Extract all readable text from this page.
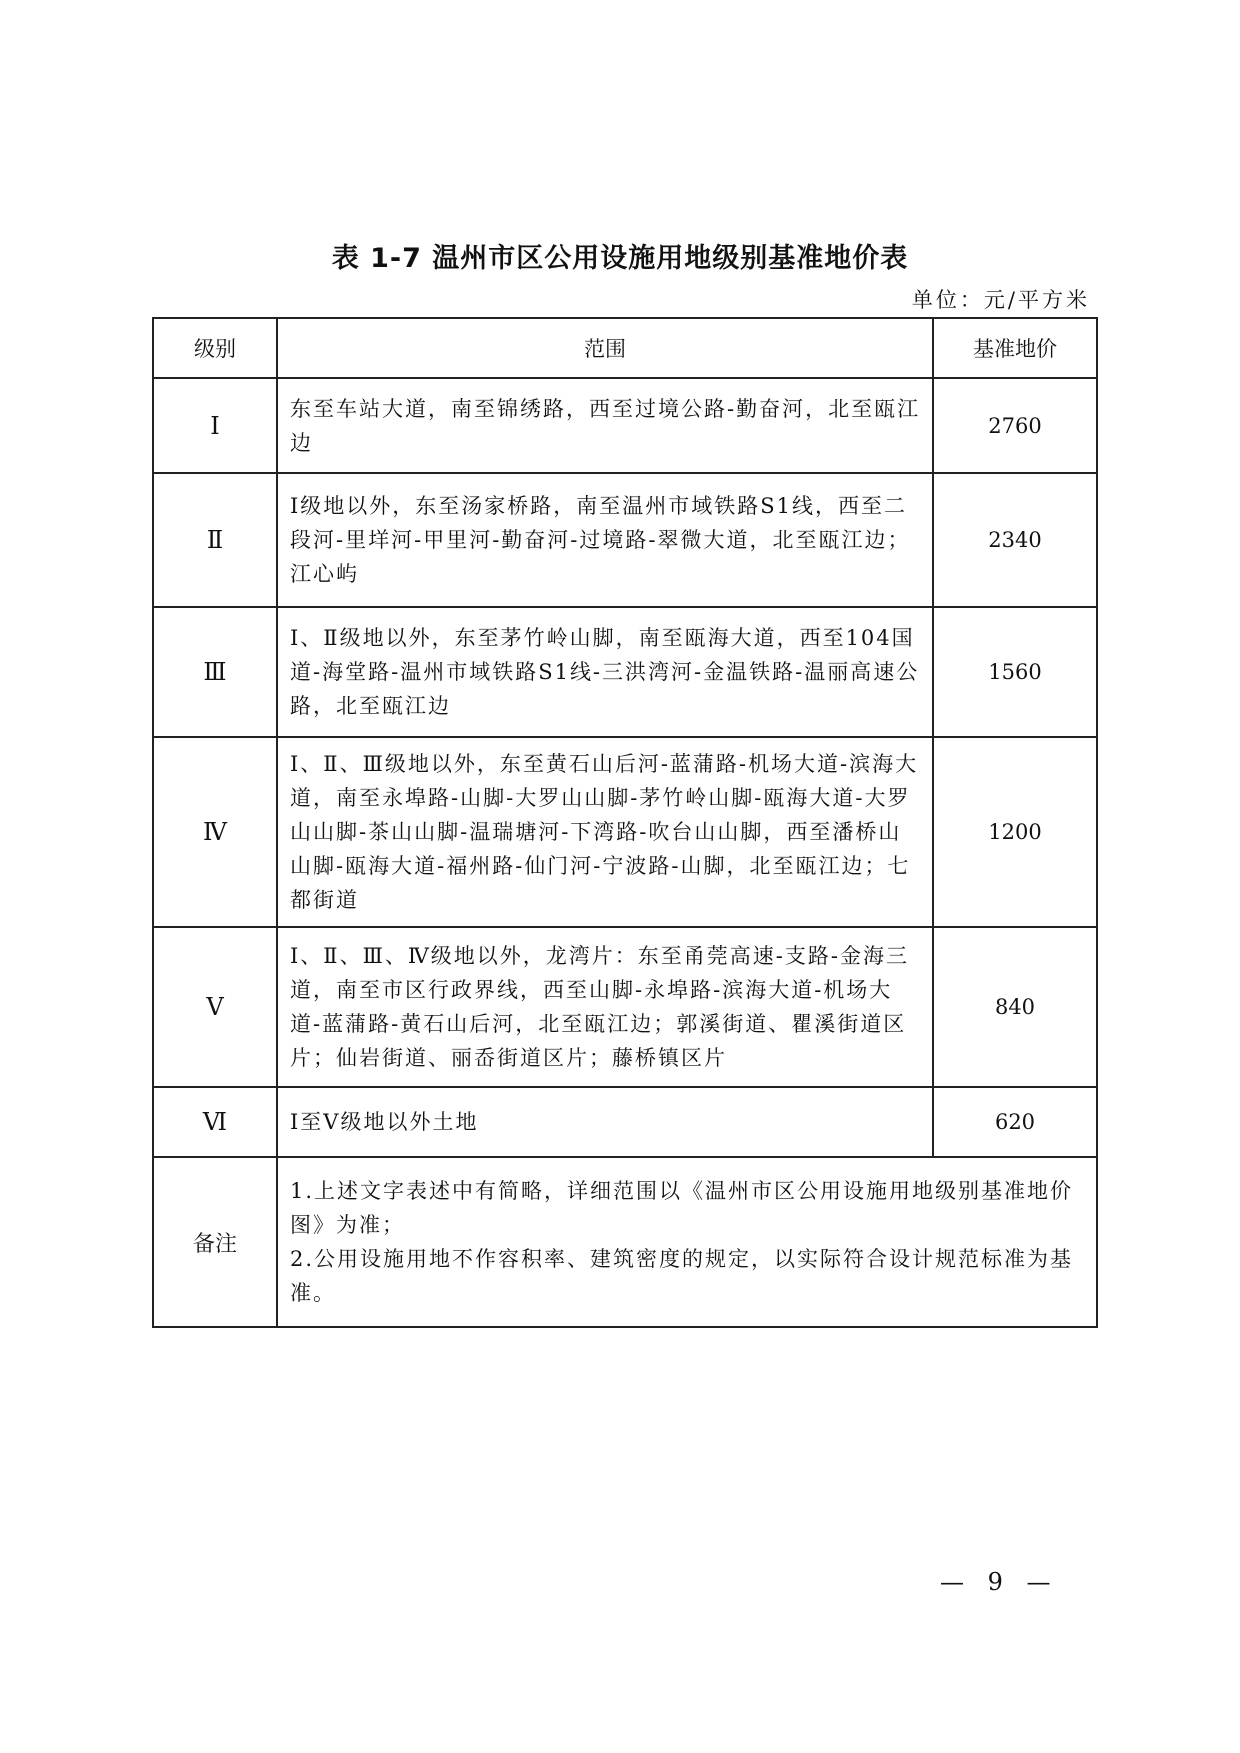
表 1-7 温州市区公用设施用地级别基准地价表
单位：元/平方米
级别	范围	基准地价
Ⅰ	东至车站大道，南至锦绣路，西至过境公路-勤奋河，北至瓯江边	2760
Ⅱ	Ⅰ级地以外，东至汤家桥路，南至温州市域铁路S1线，西至二段河-里垟河-甲里河-勤奋河-过境路-翠微大道，北至瓯江边；江心屿	2340
Ⅲ	Ⅰ、Ⅱ级地以外，东至茅竹岭山脚，南至瓯海大道，西至104国道-海堂路-温州市域铁路S1线-三洪湾河-金温铁路-温丽高速公路，北至瓯江边	1560
Ⅳ	Ⅰ、Ⅱ、Ⅲ级地以外，东至黄石山后河-蓝蒲路-机场大道-滨海大道，南至永埠路-山脚-大罗山山脚-茅竹岭山脚-瓯海大道-大罗山山脚-茶山山脚-温瑞塘河-下湾路-吹台山山脚，西至潘桥山山脚-瓯海大道-福州路-仙门河-宁波路-山脚，北至瓯江边；七都街道	1200
Ⅴ	Ⅰ、Ⅱ、Ⅲ、Ⅳ级地以外，龙湾片：东至甬莞高速-支路-金海三道，南至市区行政界线，西至山脚-永埠路-滨海大道-机场大道-蓝蒲路-黄石山后河，北至瓯江边；郭溪街道、瞿溪街道区片；仙岩街道、丽岙街道区片；藤桥镇区片	840
Ⅵ	Ⅰ至Ⅴ级地以外土地	620
备注	1.上述文字表述中有简略，详细范围以《温州市区公用设施用地级别基准地价图》为准；
2.公用设施用地不作容积率、建筑密度的规定，以实际符合设计规范标准为基准。	
— 9 —
